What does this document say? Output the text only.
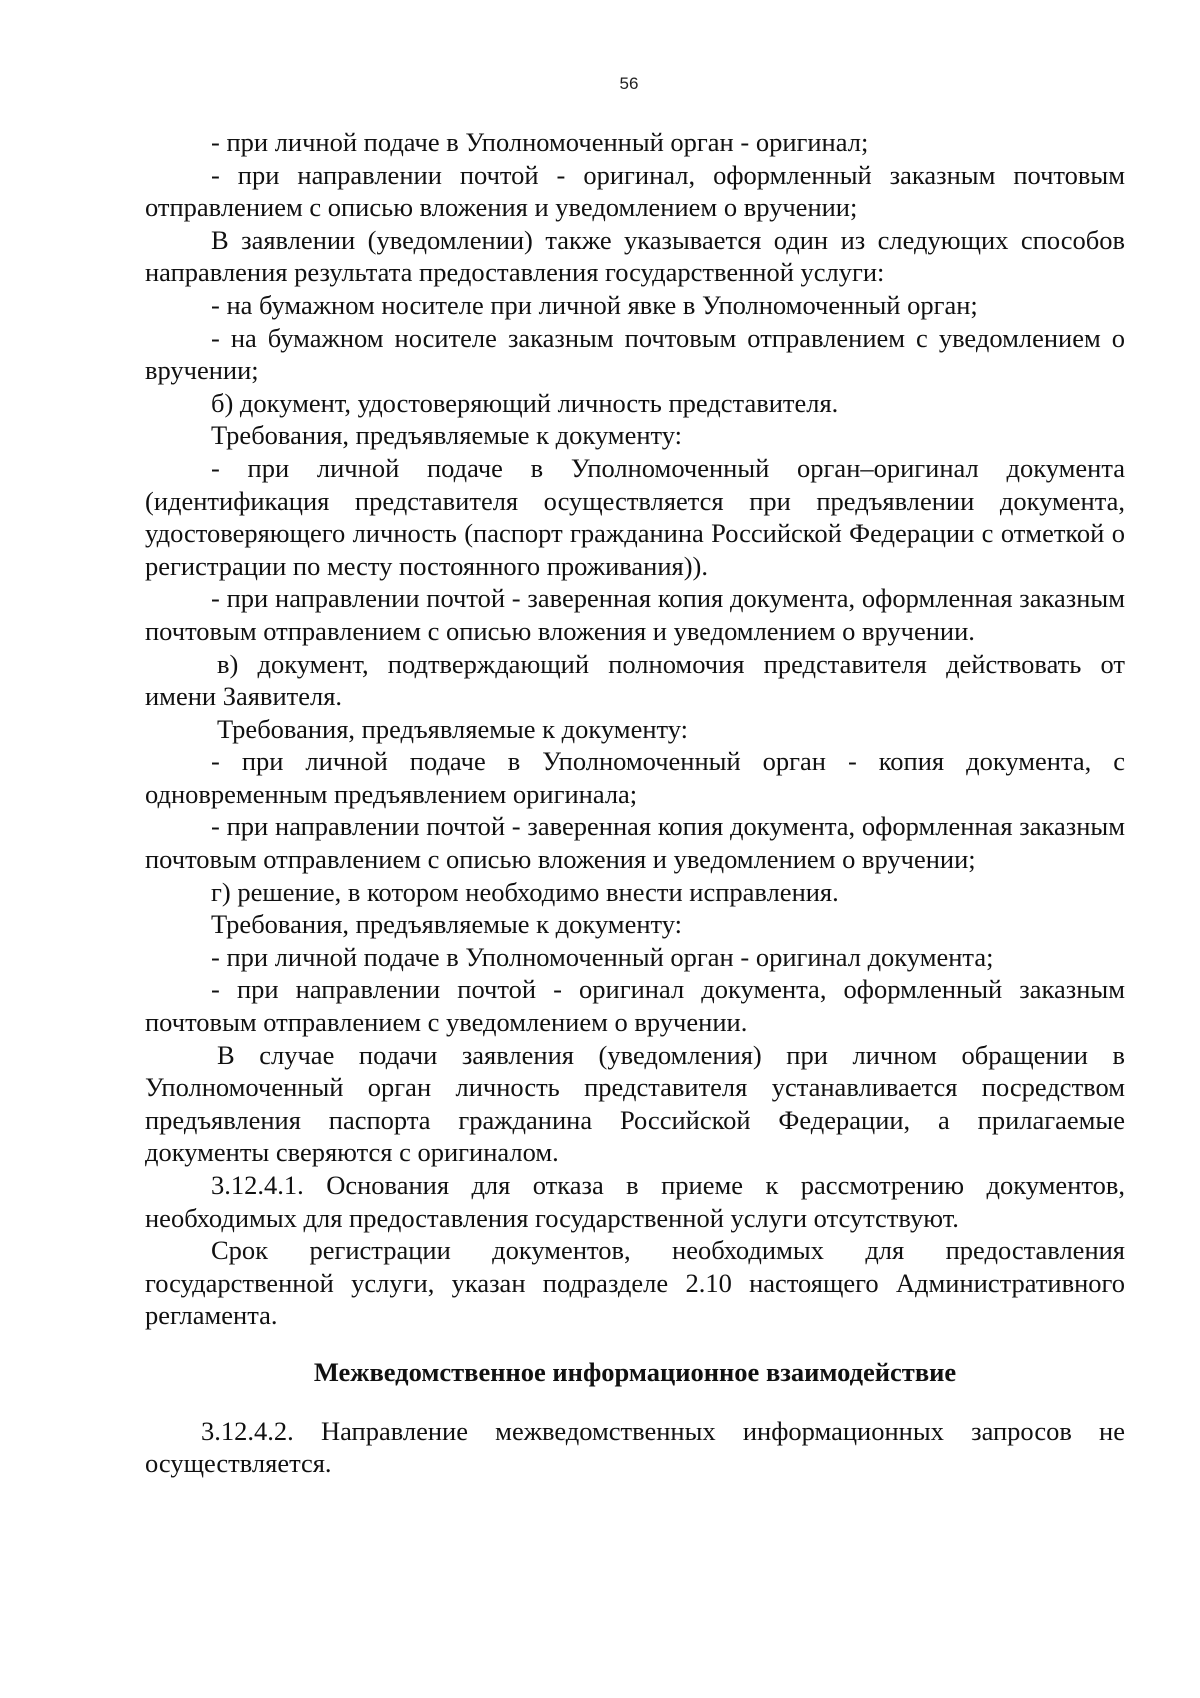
56

- при личной подаче в Уполномоченный орган - оригинал;

- при направлении почтой - оригинал, оформленный заказным почтовым отправлением с описью вложения и уведомлением о вручении;

В заявлении (уведомлении) также указывается один из следующих способов направления результата предоставления государственной услуги:

- на бумажном носителе при личной явке в Уполномоченный орган;

- на бумажном носителе заказным почтовым отправлением с уведомлением о вручении;

б) документ, удостоверяющий личность представителя.

Требования, предъявляемые к документу:

- при личной подаче в Уполномоченный орган–оригинал документа (идентификация представителя осуществляется при предъявлении документа, удостоверяющего личность (паспорт гражданина Российской Федерации с отметкой о регистрации по месту постоянного проживания)).

- при направлении почтой - заверенная копия документа, оформленная заказным почтовым отправлением с описью вложения и уведомлением о вручении.

в) документ, подтверждающий полномочия представителя действовать от имени Заявителя.

Требования, предъявляемые к документу:

- при личной подаче в Уполномоченный орган - копия документа, с одновременным предъявлением оригинала;

- при направлении почтой - заверенная копия документа, оформленная заказным почтовым отправлением с описью вложения и уведомлением о вручении;

г) решение, в котором необходимо внести исправления.

Требования, предъявляемые к документу:

- при личной подаче в Уполномоченный орган - оригинал документа;

- при направлении почтой - оригинал документа, оформленный заказным почтовым отправлением с уведомлением о вручении.

В случае подачи заявления (уведомления) при личном обращении в Уполномоченный орган личность представителя устанавливается посредством предъявления паспорта гражданина Российской Федерации, а прилагаемые документы сверяются с оригиналом.

3.12.4.1. Основания для отказа в приеме к рассмотрению документов, необходимых для предоставления государственной услуги отсутствуют.

Срок регистрации документов, необходимых для предоставления государственной услуги, указан подразделе 2.10 настоящего Административного регламента.

Межведомственное информационное взаимодействие

3.12.4.2. Направление межведомственных информационных запросов не осуществляется.
